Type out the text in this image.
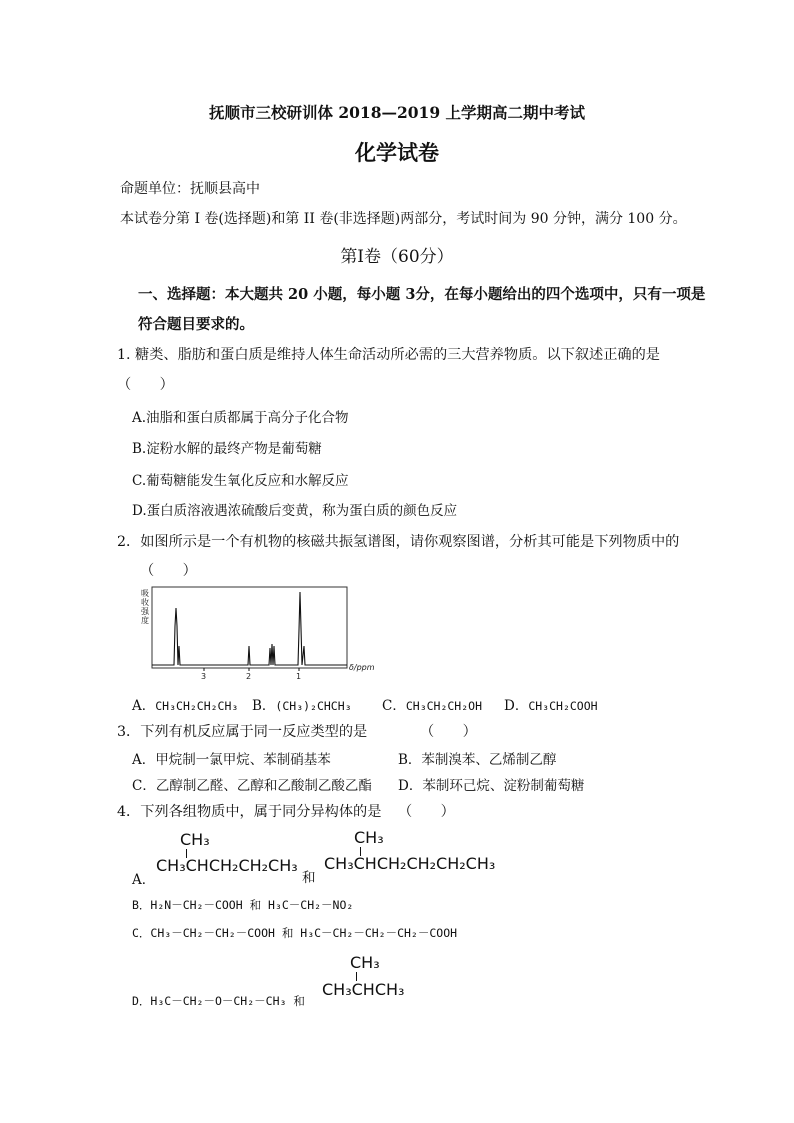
抚顺市三校研训体 2018—2019 上学期高二期中考试
化学试卷
命题单位：抚顺县高中
本试卷分第 I 卷(选择题)和第 II 卷(非选择题)两部分，考试时间为 90 分钟，满分 100 分。
第Ⅰ卷（60分）
一、选择题：本大题共 20 小题，每小题 3分，在每小题给出的四个选项中，只有一项是
符合题目要求的。
1. 糖类、脂肪和蛋白质是维持人体生命活动所必需的三大营养物质。以下叙述正确的是
（　　）
A.油脂和蛋白质都属于高分子化合物
B.淀粉水解的最终产物是葡萄糖
C.葡萄糖能发生氧化反应和水解反应
D.蛋白质溶液遇浓硫酸后变黄，称为蛋白质的颜色反应
2．如图所示是一个有机物的核磁共振氢谱图，请你观察图谱，分析其可能是下列物质中的
（　　）
吸
收
强
度
δ/ppm
3	2	1
A．CH₃CH₂CH₂CH₃ B．(CH₃)₂CHCH₃ C．CH₃CH₂CH₂OH D．CH₃CH₂COOH
3．下列有机反应属于同一反应类型的是	（　　）
A．甲烷制一氯甲烷、苯制硝基苯	B．苯制溴苯、乙烯制乙醇
C．乙醇制乙醛、乙醇和乙酸制乙酸乙酯 D．苯制环己烷、淀粉制葡萄糖
4．下列各组物质中，属于同分异构体的是 （　　）
A．
CH₃
CH₃CHCH₂CH₂CH₃
和
CH₃
CH₃CHCH₂CH₂CH₂CH₃
B．H₂N－CH₂－COOH 和 H₃C－CH₂－NO₂
C．CH₃－CH₂－CH₂－COOH 和 H₃C－CH₂－CH₂－CH₂－COOH
D．H₃C－CH₂－O－CH₂－CH₃ 和
CH₃
CH₃CHCH₃
